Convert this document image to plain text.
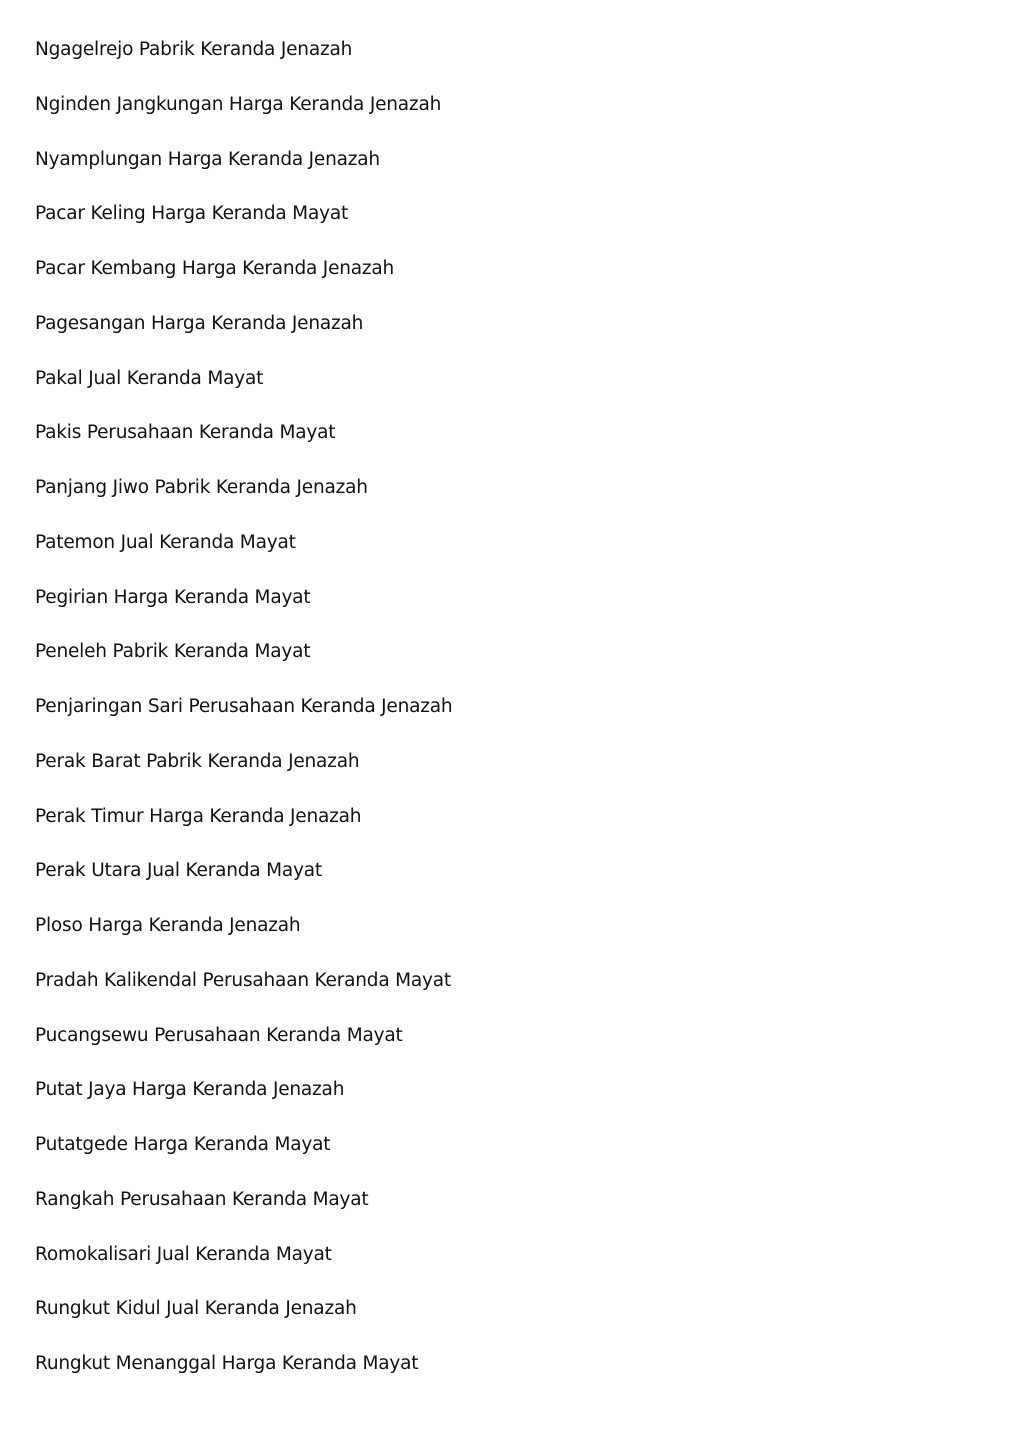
Ngagelrejo Pabrik Keranda Jenazah
Nginden Jangkungan Harga Keranda Jenazah
Nyamplungan Harga Keranda Jenazah
Pacar Keling Harga Keranda Mayat
Pacar Kembang Harga Keranda Jenazah
Pagesangan Harga Keranda Jenazah
Pakal Jual Keranda Mayat
Pakis Perusahaan Keranda Mayat
Panjang Jiwo Pabrik Keranda Jenazah
Patemon Jual Keranda Mayat
Pegirian Harga Keranda Mayat
Peneleh Pabrik Keranda Mayat
Penjaringan Sari Perusahaan Keranda Jenazah
Perak Barat Pabrik Keranda Jenazah
Perak Timur Harga Keranda Jenazah
Perak Utara Jual Keranda Mayat
Ploso Harga Keranda Jenazah
Pradah Kalikendal Perusahaan Keranda Mayat
Pucangsewu Perusahaan Keranda Mayat
Putat Jaya Harga Keranda Jenazah
Putatgede Harga Keranda Mayat
Rangkah Perusahaan Keranda Mayat
Romokalisari Jual Keranda Mayat
Rungkut Kidul Jual Keranda Jenazah
Rungkut Menanggal Harga Keranda Mayat
